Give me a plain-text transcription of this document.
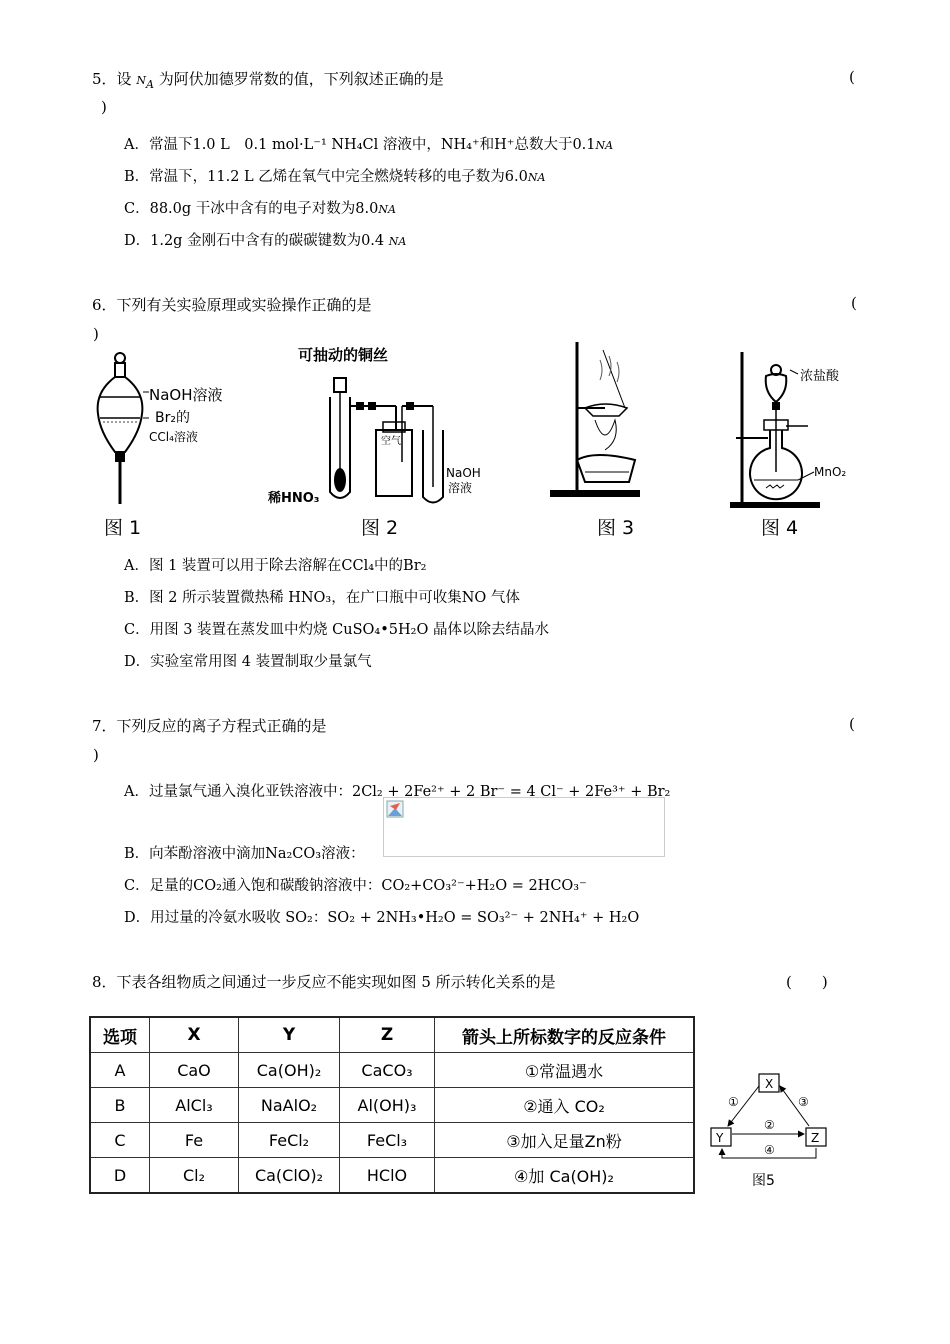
5．设 $N_A$ 为阿伏加德罗常数的值，下列叙述正确的是	(
)
A．常温下1.0 L　0.1 mol·L⁻¹ NH₄Cl 溶液中，NH₄⁺和H⁺总数大于0.1NA
B．常温下，11.2 L 乙烯在氧气中完全燃烧转移的电子数为6.0NA
C．88.0g 干冰中含有的电子对数为8.0NA
D．1.2g 金刚石中含有的碳碳键数为0.4 NA
6．下列有关实验原理或实验操作正确的是	(
)
NaOH溶液
Br₂的
CCl₄溶液
图 1
可抽动的铜丝
空气
稀HNO₃
NaOH
溶液
图 2	图 3
浓盐酸
MnO₂
图 4
A．图 1 装置可以用于除去溶解在CCl₄中的Br₂
B．图 2 所示装置微热稀 HNO₃，在广口瓶中可收集NO 气体
C．用图 3 装置在蒸发皿中灼烧 CuSO₄•5H₂O 晶体以除去结晶水
D．实验室常用图 4 装置制取少量氯气
7．下列反应的离子方程式正确的是	(
)
A．过量氯气通入溴化亚铁溶液中：2Cl₂ + 2Fe²⁺ + 2 Br⁻ = 4 Cl⁻ + 2Fe³⁺ + Br₂
B．向苯酚溶液中滴加Na₂CO₃溶液：
C．足量的CO₂通入饱和碳酸钠溶液中：CO₂+CO₃²⁻+H₂O = 2HCO₃⁻
D．用过量的冷氨水吸收 SO₂：SO₂ + 2NH₃•H₂O = SO₃²⁻ + 2NH₄⁺ + H₂O
8．下表各组物质之间通过一步反应不能实现如图 5 所示转化关系的是	(　　)
选项	X	Y	Z	箭头上所标数字的反应条件
A	CaO	Ca(OH)₂	CaCO₃	①常温遇水
B	AlCl₃	NaAlO₂	Al(OH)₃	②通入 CO₂
C	Fe	FeCl₂	FeCl₃	③加入足量Zn粉
D	Cl₂	Ca(ClO)₂	HClO	④加 Ca(OH)₂
X
Y	Z
①
②
③
④
图5
